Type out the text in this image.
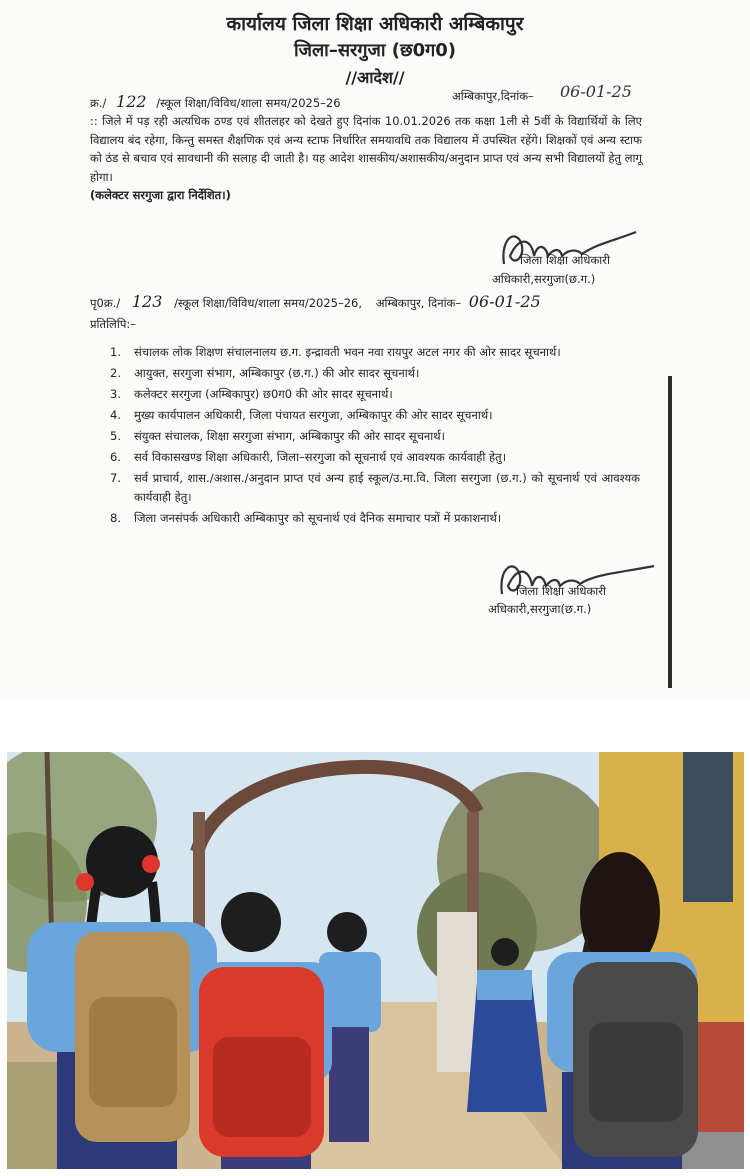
कार्यालय जिला शिक्षा अधिकारी अम्बिकापुर
जिला–सरगुजा (छ0ग0)
//आदेश//
अम्बिकापुर,दिनांक– 06-01-25
क्र./ 122 /स्कूल शिक्षा/विविध/शाला समय/2025–26
:: जिले में पड़ रही अत्यधिक ठण्ड एवं शीतलहर को देखते हुए दिनांक 10.01.2026 तक कक्षा 1ली से 5वीं के विद्यार्थियों के लिए विद्यालय बंद रहेगा, किन्तु समस्त शैक्षणिक एवं अन्य स्टाफ निर्धारित समयावधि तक विद्यालय में उपस्थित रहेंगे। शिक्षकों एवं अन्य स्टाफ को ठंड से बचाव एवं सावधानी की सलाह दी जाती है। यह आदेश शासकीय/अशासकीय/अनुदान प्राप्त एवं अन्य सभी विद्यालयों हेतु लागू होगा।
(कलेक्टर सरगुजा द्वारा निर्देशित।)
जिला शिक्षा अधिकारी
अधिकारी,सरगुजा(छ.ग.)
पृ0क्र./ 123 /स्कूल शिक्षा/विविध/शाला समय/2025–26, अम्बिकापुर, दिनांक– 06-01-25
प्रतिलिपि:–
1. संचालक लोक शिक्षण संचालनालय छ.ग. इन्द्रावती भवन नवा रायपुर अटल नगर की ओर सादर सूचनार्थ।
2. आयुक्त, सरगुजा संभाग, अम्बिकापुर (छ.ग.) की ओर सादर सूचनार्थ।
3. कलेक्टर सरगुजा (अम्बिकापुर) छ0ग0 की ओर सादर सूचनार्थ।
4. मुख्य कार्यपालन अधिकारी, जिला पंचायत सरगुजा, अम्बिकापुर की ओर सादर सूचनार्थ।
5. संयुक्त संचालक, शिक्षा सरगुजा संभाग, अम्बिकापुर की ओर सादर सूचनार्थ।
6. सर्व विकासखण्ड शिक्षा अधिकारी, जिला–सरगुजा को सूचनार्थ एवं आवश्यक कार्यवाही हेतु।
7. सर्व प्राचार्य, शास./अशास./अनुदान प्राप्त एवं अन्य हाई स्कूल/उ.मा.वि. जिला सरगुजा (छ.ग.) को सूचनार्थ एवं आवश्यक कार्यवाही हेतु।
8. जिला जनसंपर्क अधिकारी अम्बिकापुर को सूचनार्थ एवं दैनिक समाचार पत्रों में प्रकाशनार्थ।
जिला शिक्षा अधिकारी
अधिकारी,सरगुजा(छ.ग.)
